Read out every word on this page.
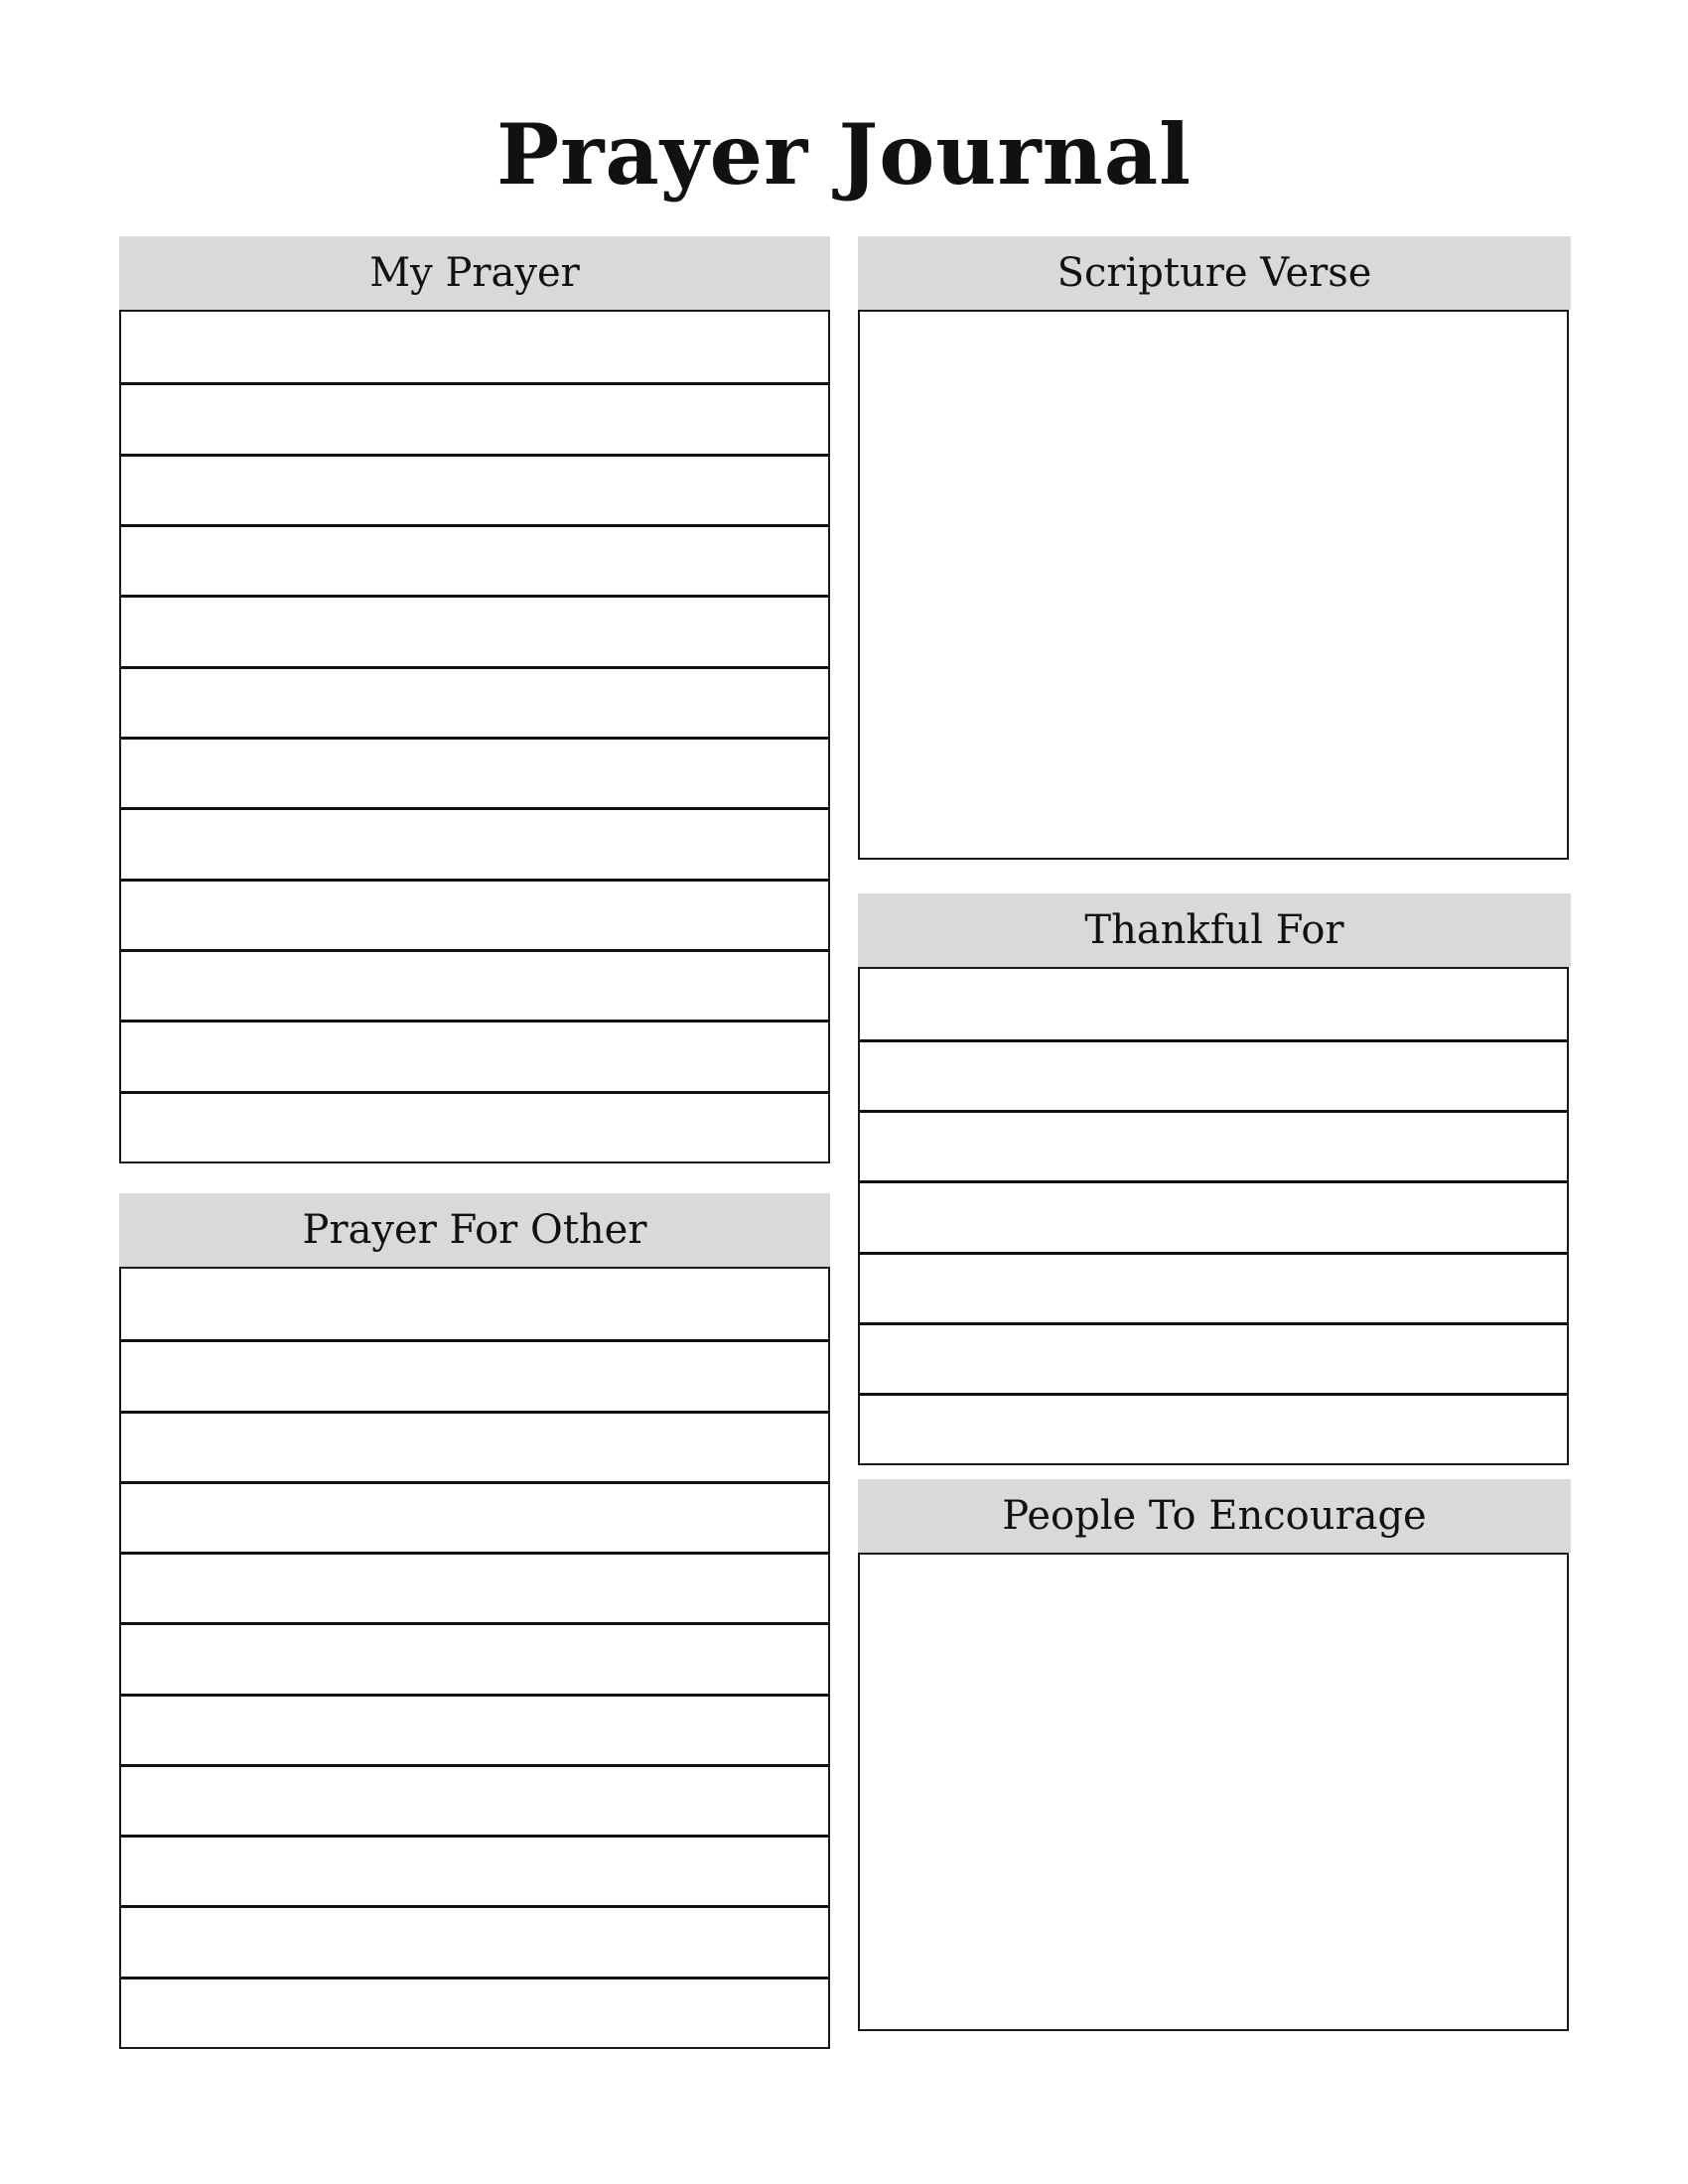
Prayer Journal
My Prayer
Prayer For Other
Scripture Verse
Thankful For
People To Encourage
